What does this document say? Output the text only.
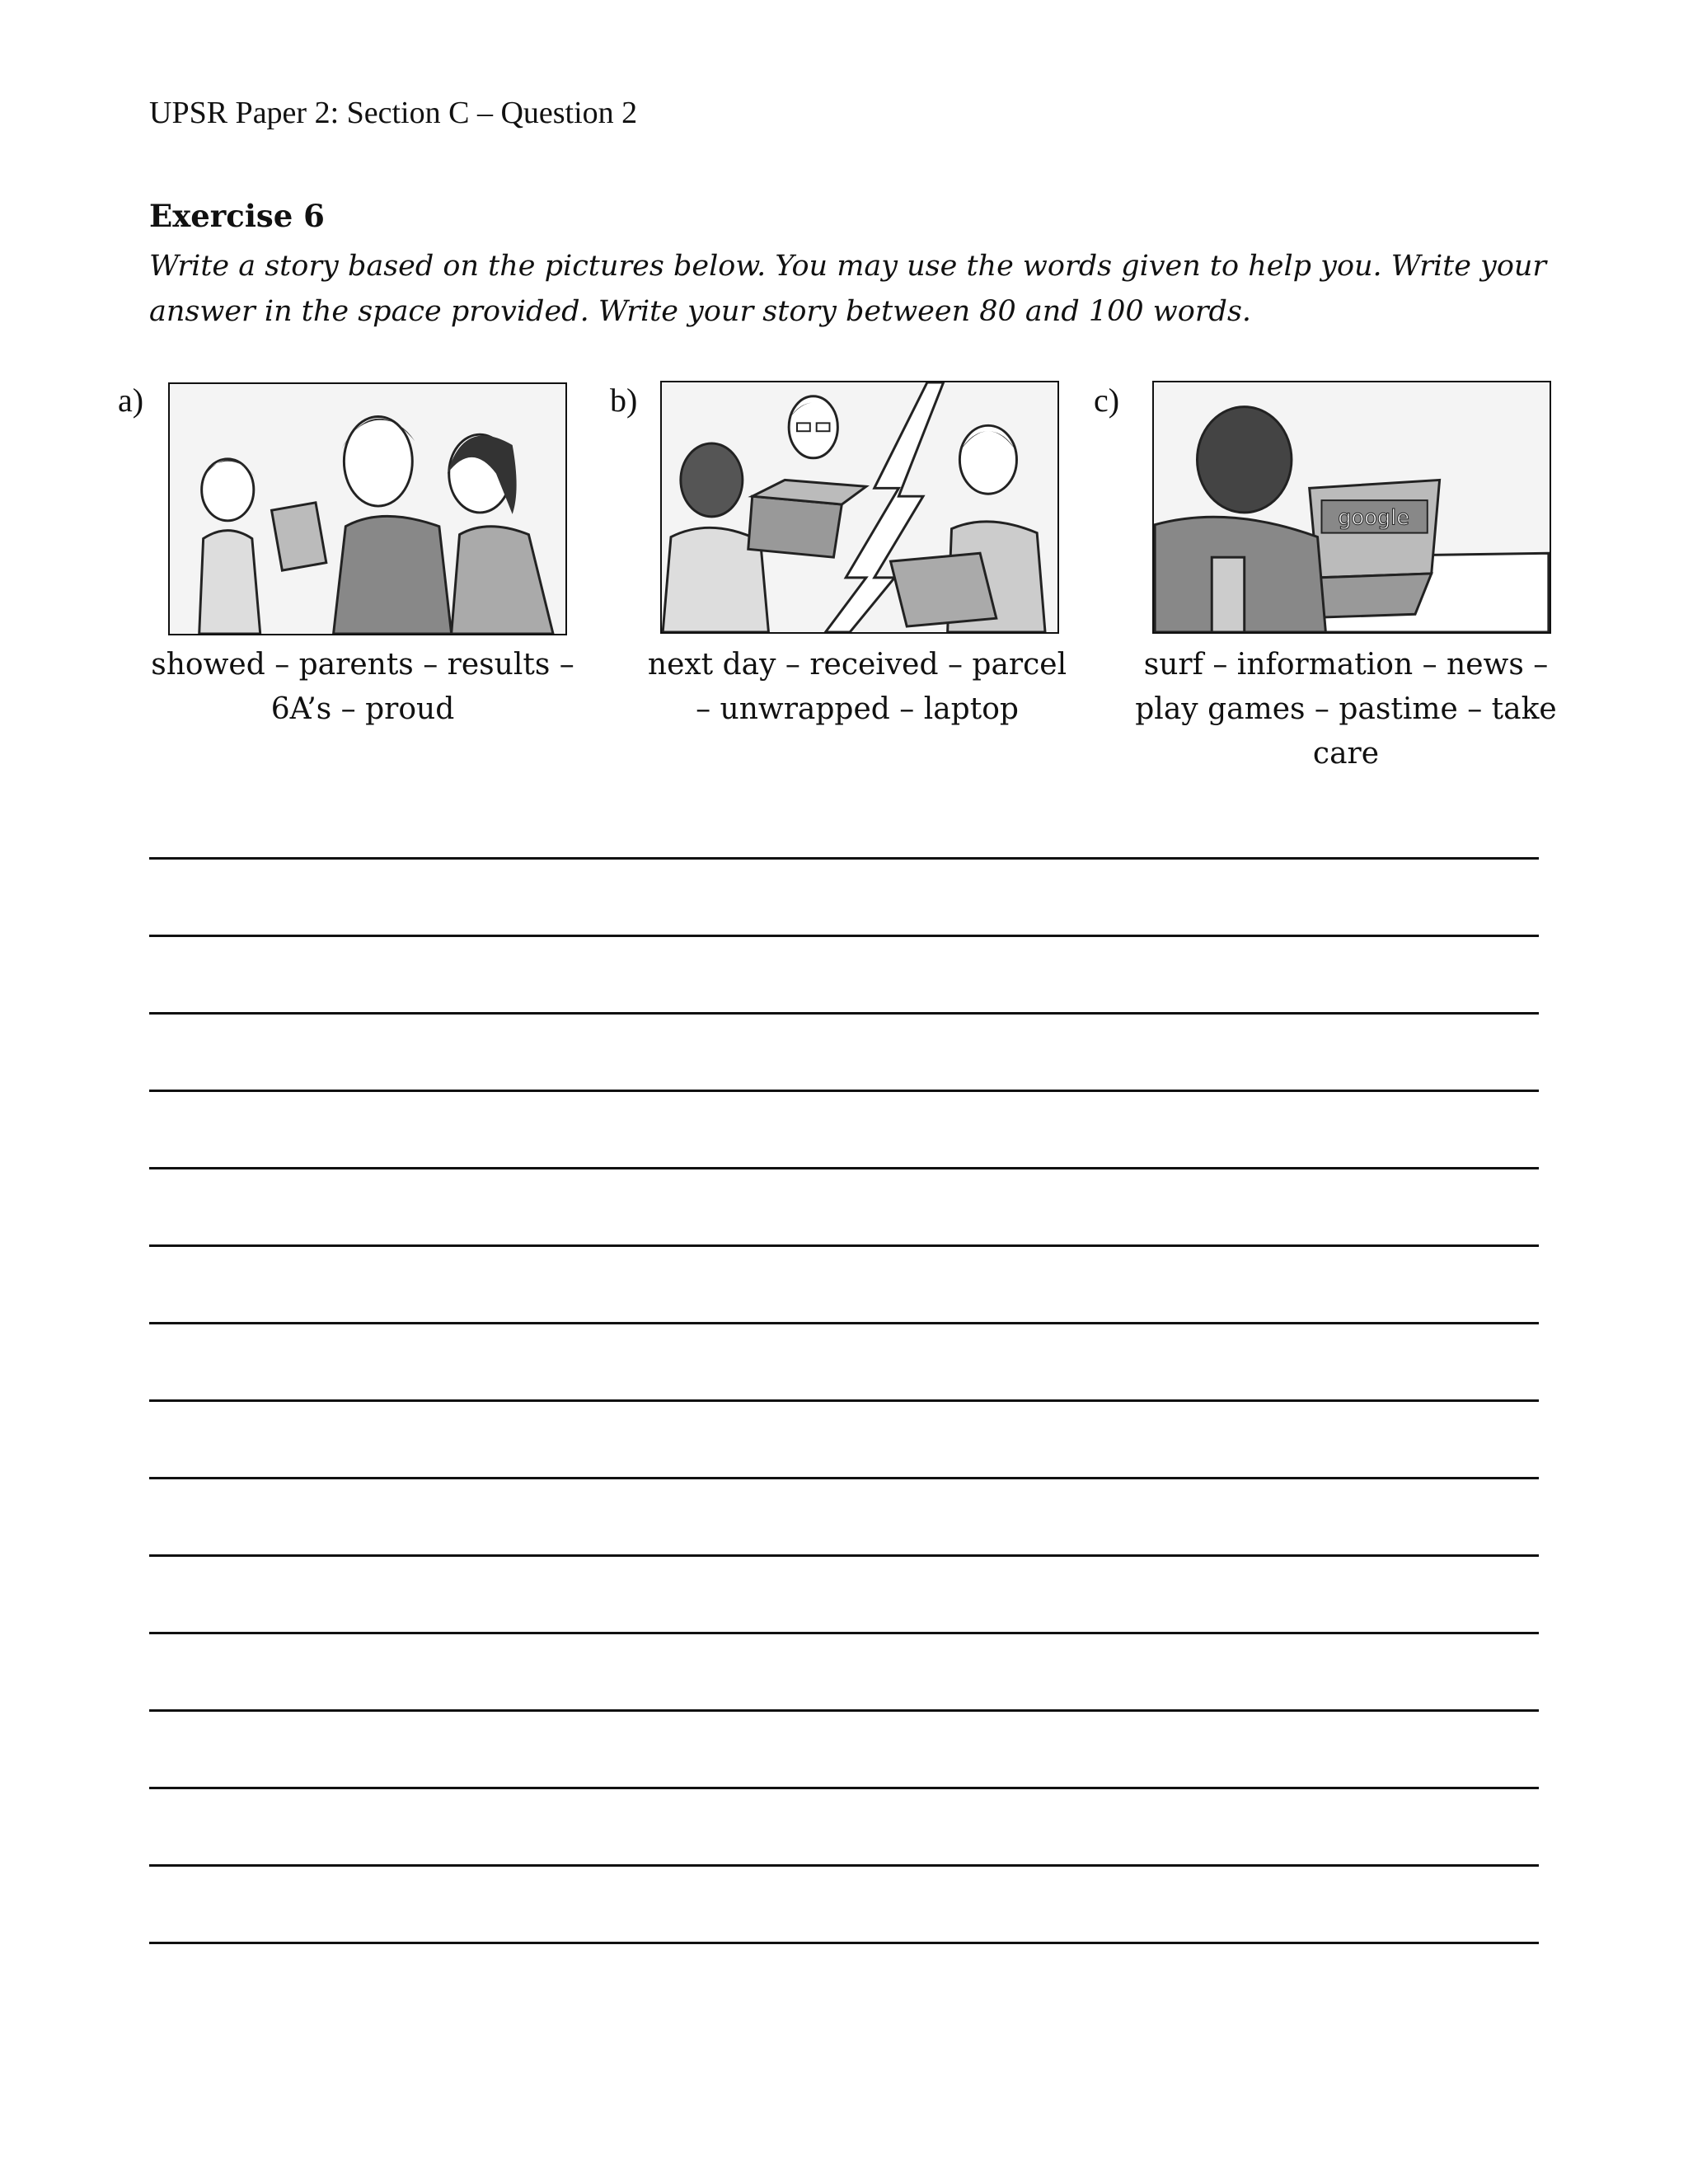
UPSR Paper 2: Section C – Question 2
Exercise 6
Write a story based on the pictures below. You may use the words given to help you. Write your answer in the space provided. Write your story between 80 and 100 words.
a)
showed – parents – results – 6A’s – proud
b)
next day – received – parcel – unwrapped – laptop
c)
google
surf – information – news – play games – pastime – take care
